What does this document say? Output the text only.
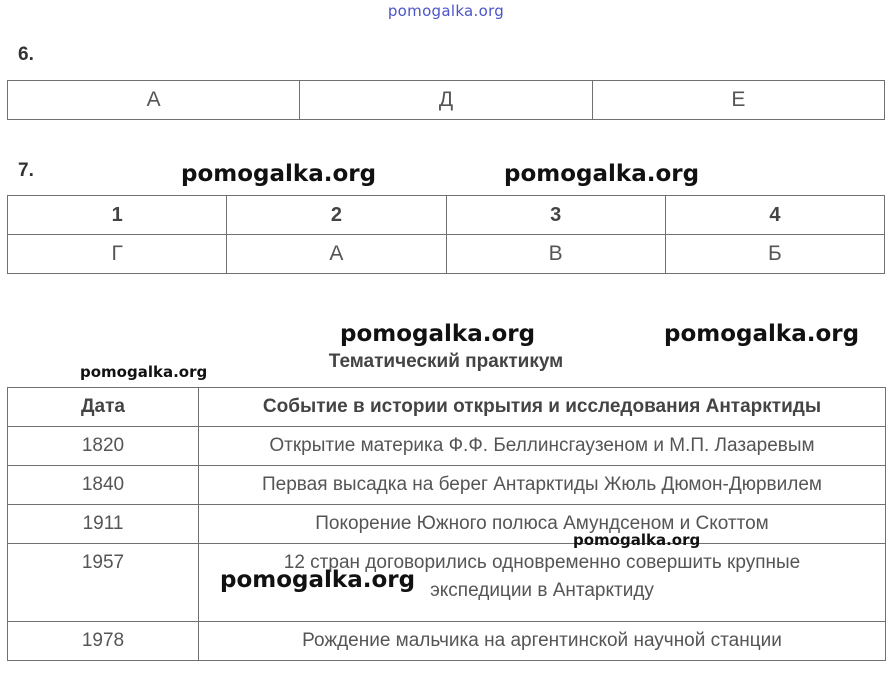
pomogalka.org
6.
А	Д	Е
7.	pomogalka.org	pomogalka.org
1	2	3	4
Г	А	В	Б
pomogalka.org	pomogalka.org
Тематический практикум
pomogalka.org
Дата	Событие в истории открытия и исследования Антарктиды
1820	Открытие материка Ф.Ф. Беллинсгаузеном и М.П. Лазаревым
1840	Первая высадка на берег Антарктиды Жюль Дюмон-Дюрвилем
1911	Покорение Южного полюса Амундсеном и Скоттом
1957	12 стран договорились одновременно совершить крупные
экспедиции в Антарктиду

1978	Рождение мальчика на аргентинской научной станции
pomogalka.org
pomogalka.org
